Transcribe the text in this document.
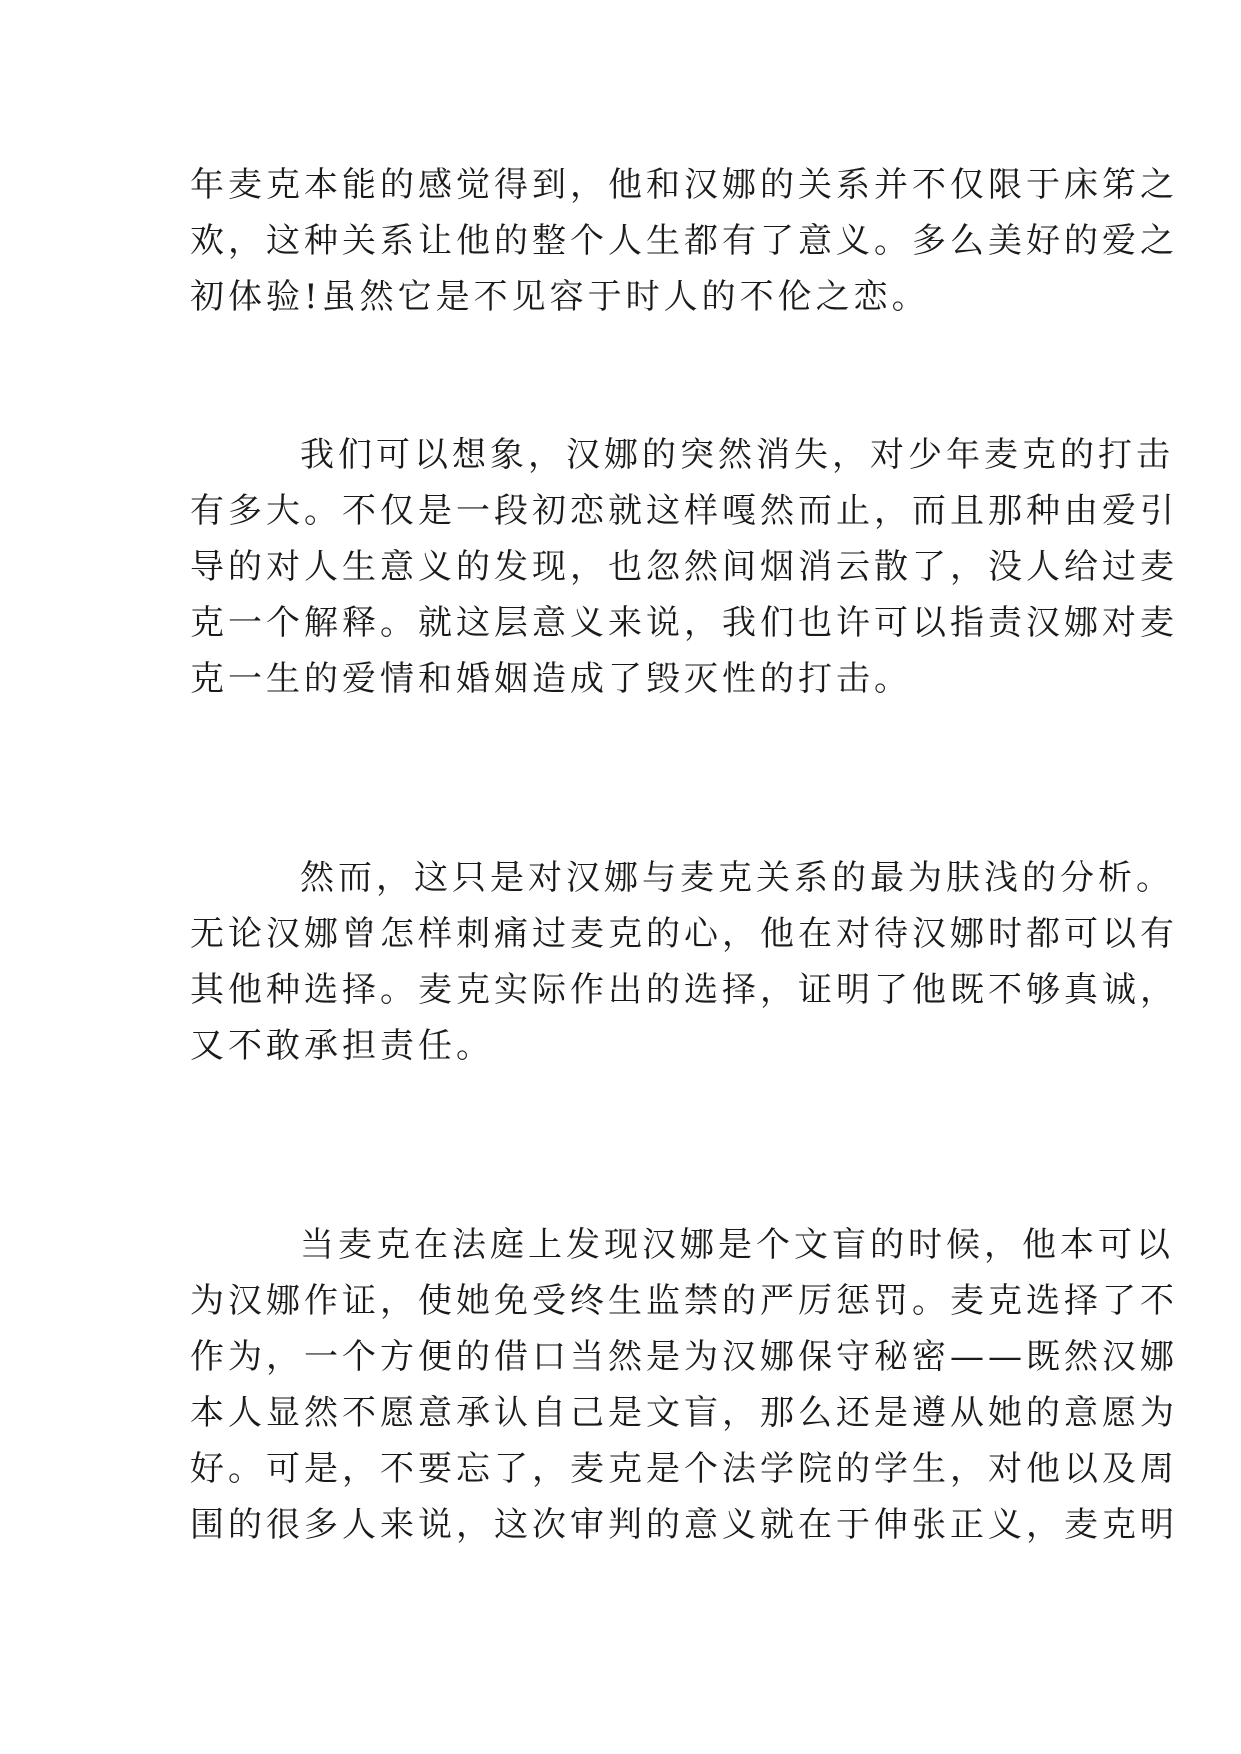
年麦克本能的感觉得到，他和汉娜的关系并不仅限于床笫之
欢，这种关系让他的整个人生都有了意义。多么美好的爱之
初体验!虽然它是不见容于时人的不伦之恋。
我们可以想象，汉娜的突然消失，对少年麦克的打击
有多大。不仅是一段初恋就这样嘎然而止，而且那种由爱引
导的对人生意义的发现，也忽然间烟消云散了，没人给过麦
克一个解释。就这层意义来说，我们也许可以指责汉娜对麦
克一生的爱情和婚姻造成了毁灭性的打击。
然而，这只是对汉娜与麦克关系的最为肤浅的分析。
无论汉娜曾怎样刺痛过麦克的心，他在对待汉娜时都可以有
其他种选择。麦克实际作出的选择，证明了他既不够真诚，
又不敢承担责任。
当麦克在法庭上发现汉娜是个文盲的时候，他本可以
为汉娜作证，使她免受终生监禁的严厉惩罚。麦克选择了不
作为，一个方便的借口当然是为汉娜保守秘密——既然汉娜
本人显然不愿意承认自己是文盲，那么还是遵从她的意愿为
好。可是，不要忘了，麦克是个法学院的学生，对他以及周
围的很多人来说，这次审判的意义就在于伸张正义，麦克明
